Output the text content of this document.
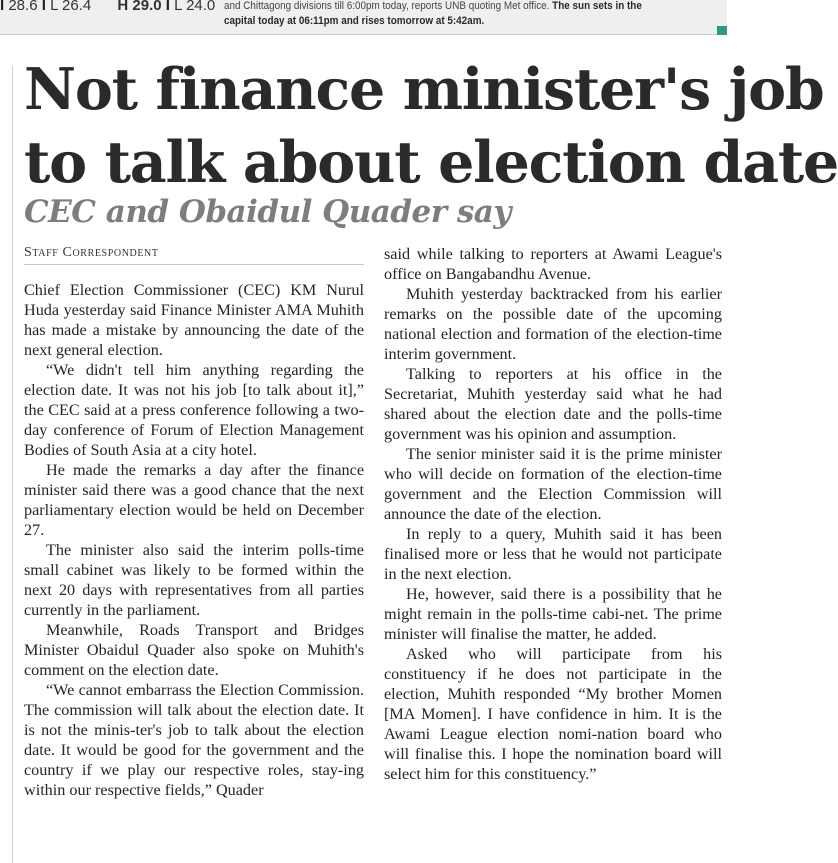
I 28.6 I L 26.4 H 29.0 I L 24.0 and Chittagong divisions till 6:00pm today, reports UNB quoting Met office. The sun sets in the capital today at 06:11pm and rises tomorrow at 5:42am.
Not finance minister's job
to talk about election date
CEC and Obaidul Quader say
Staff Correspondent

Chief Election Commissioner (CEC) KM Nurul Huda yesterday said Finance Minister AMA Muhith has made a mistake by announcing the date of the next general election.

“We didn't tell him anything regarding the election date. It was not his job [to talk about it],” the CEC said at a press conference following a two-day conference of Forum of Election Management Bodies of South Asia at a city hotel.

He made the remarks a day after the finance minister said there was a good chance that the next parliamentary election would be held on December 27.

The minister also said the interim polls-time small cabinet was likely to be formed within the next 20 days with representatives from all parties currently in the parliament.

Meanwhile, Roads Transport and Bridges Minister Obaidul Quader also spoke on Muhith's comment on the election date.

“We cannot embarrass the Election Commission. The commission will talk about the election date. It is not the minis-ter's job to talk about the election date. It would be good for the government and the country if we play our respective roles, stay-ing within our respective fields,” Quader

said while talking to reporters at Awami League's office on Bangabandhu Avenue.

Muhith yesterday backtracked from his earlier remarks on the possible date of the upcoming national election and formation of the election-time interim government.

Talking to reporters at his office in the Secretariat, Muhith yesterday said what he had shared about the election date and the polls-time government was his opinion and assumption.

The senior minister said it is the prime minister who will decide on formation of the election-time government and the Election Commission will announce the date of the election.

In reply to a query, Muhith said it has been finalised more or less that he would not participate in the next election.

He, however, said there is a possibility that he might remain in the polls-time cabi-net. The prime minister will finalise the matter, he added.

Asked who will participate from his constituency if he does not participate in the election, Muhith responded “My brother Momen [MA Momen]. I have confidence in him. It is the Awami League election nomi-nation board who will finalise this. I hope the nomination board will select him for this constituency.”
